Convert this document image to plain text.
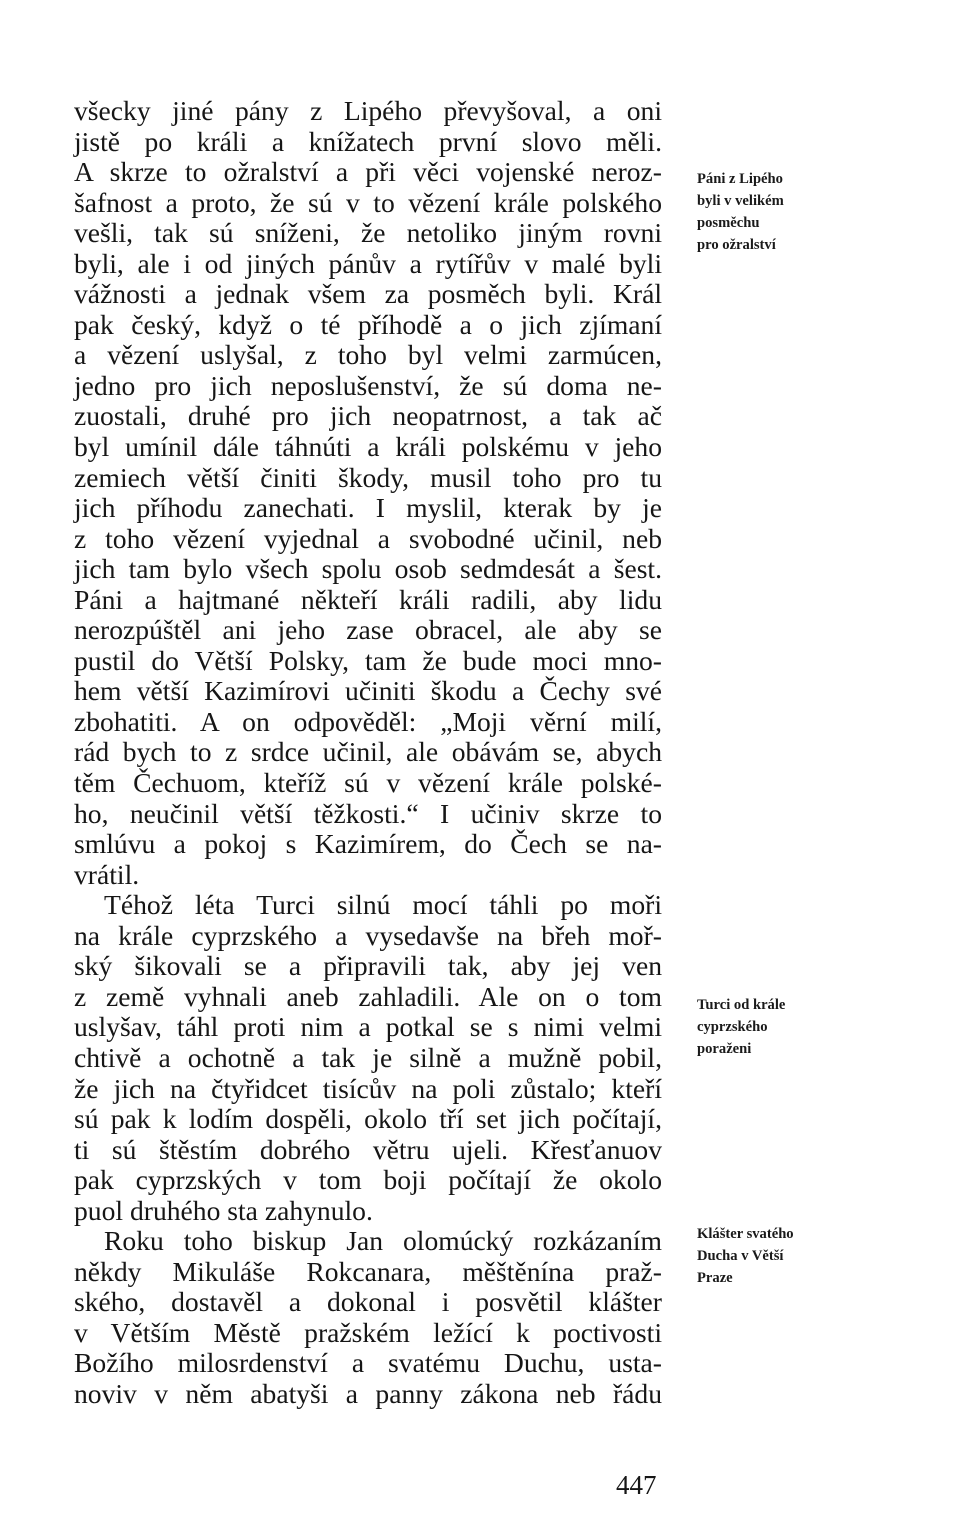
všecky jiné pány z Lipého převyšoval, a oni
jistě po králi a knížatech první slovo měli.
A skrze to ožralství a při věci vojenské neroz-
šafnost a proto, že sú v to vězení krále polského
vešli, tak sú sníženi, že netoliko jiným rovni
byli, ale i od jiných pánův a rytířův v malé byli
vážnosti a jednak všem za posměch byli. Král
pak český, když o té příhodě a o jich zjímaní
a vězení uslyšal, z toho byl velmi zarmúcen,
jedno pro jich neposlušenství, že sú doma ne-
zuostali, druhé pro jich neopatrnost, a tak ač
byl umínil dále táhnúti a králi polskému v jeho
zemiech větší činiti škody, musil toho pro tu
jich příhodu zanechati. I myslil, kterak by je
z toho vězení vyjednal a svobodné učinil, neb
jich tam bylo všech spolu osob sedmdesát a šest.
Páni a hajtmané někteří králi radili, aby lidu
nerozpúštěl ani jeho zase obracel, ale aby se
pustil do Větší Polsky, tam že bude moci mno-
hem větší Kazimírovi učiniti škodu a Čechy své
zbohatiti. A on odpověděl: „Moji věrní milí,
rád bych to z srdce učinil, ale obávám se, abych
těm Čechuom, kteříž sú v vězení krále polské-
ho, neučinil větší těžkosti.“ I učiniv skrze to
smlúvu a pokoj s Kazimírem, do Čech se na-
vrátil.
Téhož léta Turci silnú mocí táhli po moři
na krále cyprzského a vysedavše na břeh moř-
ský šikovali se a připravili tak, aby jej ven
z země vyhnali aneb zahladili. Ale on o tom
uslyšav, táhl proti nim a potkal se s nimi velmi
chtivě a ochotně a tak je silně a mužně pobil,
že jich na čtyřidcet tisícův na poli zůstalo; kteří
sú pak k lodím dospěli, okolo tří set jich počítají,
ti sú štěstím dobrého větru ujeli. Křesťanuov
pak cyprzských v tom boji počítají že okolo
puol druhého sta zahynulo.
Roku toho biskup Jan olomúcký rozkázaním
někdy Mikuláše Rokcanara, měštěnína praž-
ského, dostavěl a dokonal i posvětil klášter
v Větším Městě pražském ležící k poctivosti
Božího milosrdenství a svatému Duchu, usta-
noviv v něm abatyši a panny zákona neb řádu
Páni z Lipého
byli v velikém
posměchu
pro ožralství
Turci od krále
cyprzského
poraženi
Klášter svatého
Ducha v Větší
Praze
447
